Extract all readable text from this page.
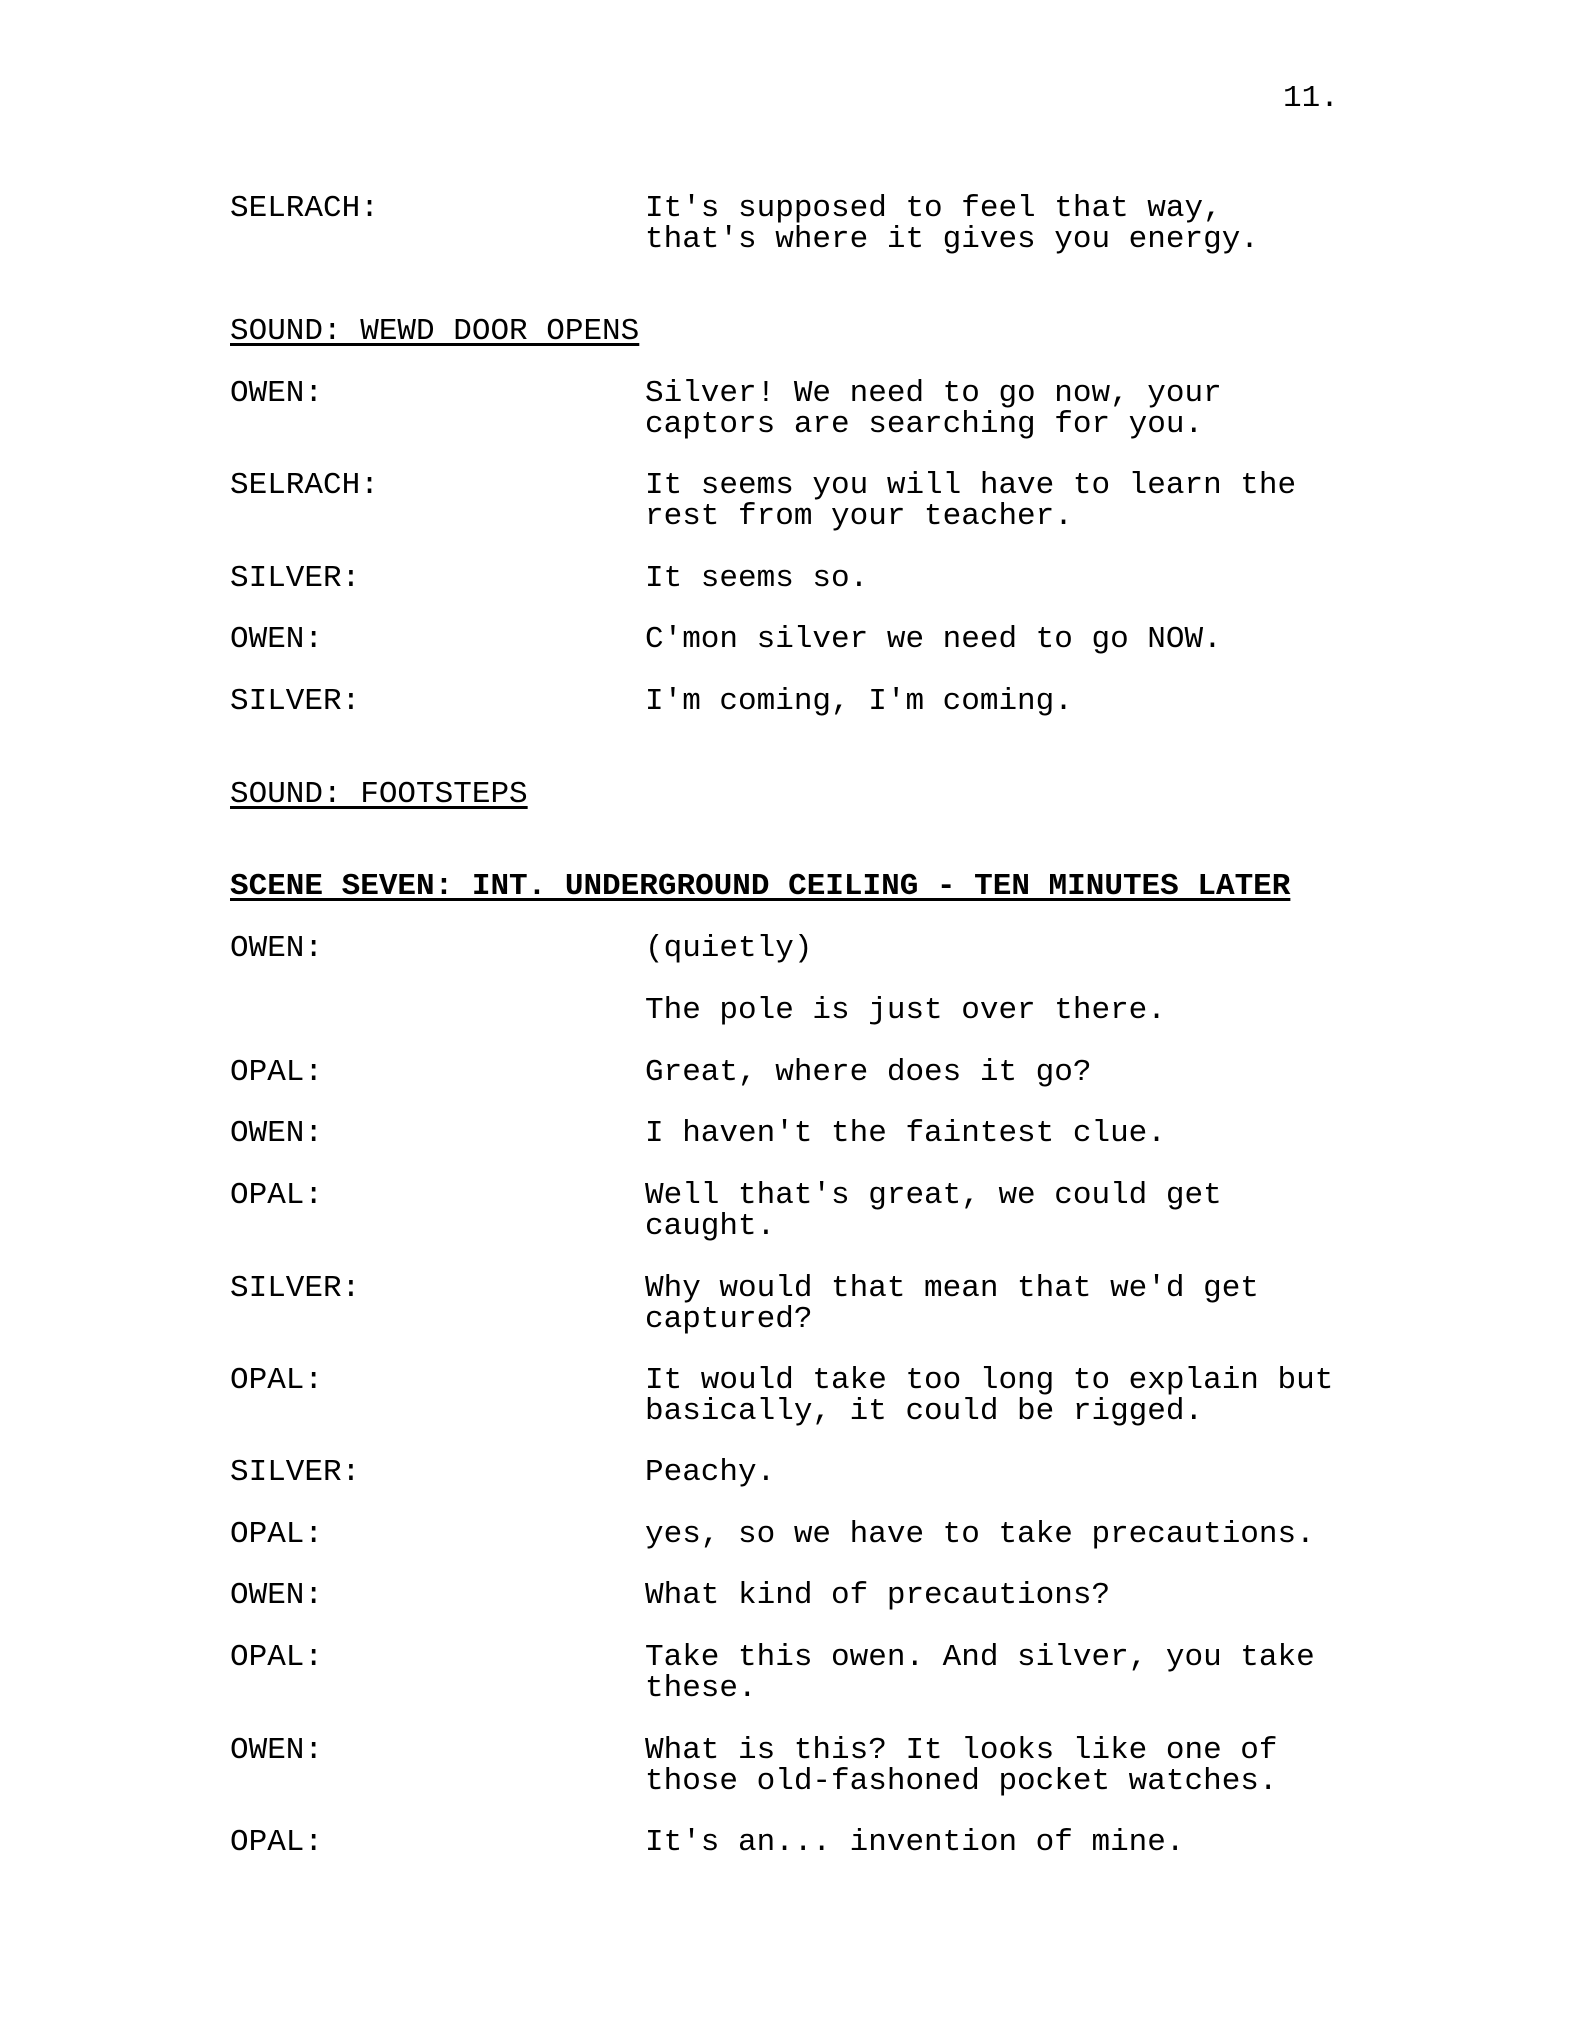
11.
SELRACH:	It's supposed to feel that way,
that's where it gives you energy.
SOUND: WEWD DOOR OPENS
OWEN:	Silver! We need to go now, your
captors are searching for you.
SELRACH:	It seems you will have to learn the
rest from your teacher.
SILVER:	It seems so.
OWEN:	C'mon silver we need to go NOW.
SILVER:	I'm coming, I'm coming.
SOUND: FOOTSTEPS
SCENE SEVEN: INT. UNDERGROUND CEILING - TEN MINUTES LATER
OWEN:	(quietly)
The pole is just over there.
OPAL:	Great, where does it go?
OWEN:	I haven't the faintest clue.
OPAL:	Well that's great, we could get
caught.
SILVER:	Why would that mean that we'd get
captured?
OPAL:	It would take too long to explain but
basically, it could be rigged.
SILVER:	Peachy.
OPAL:	yes, so we have to take precautions.
OWEN:	What kind of precautions?
OPAL:	Take this owen. And silver, you take
these.
OWEN:	What is this? It looks like one of
those old-fashoned pocket watches.
OPAL:	It's an... invention of mine.
